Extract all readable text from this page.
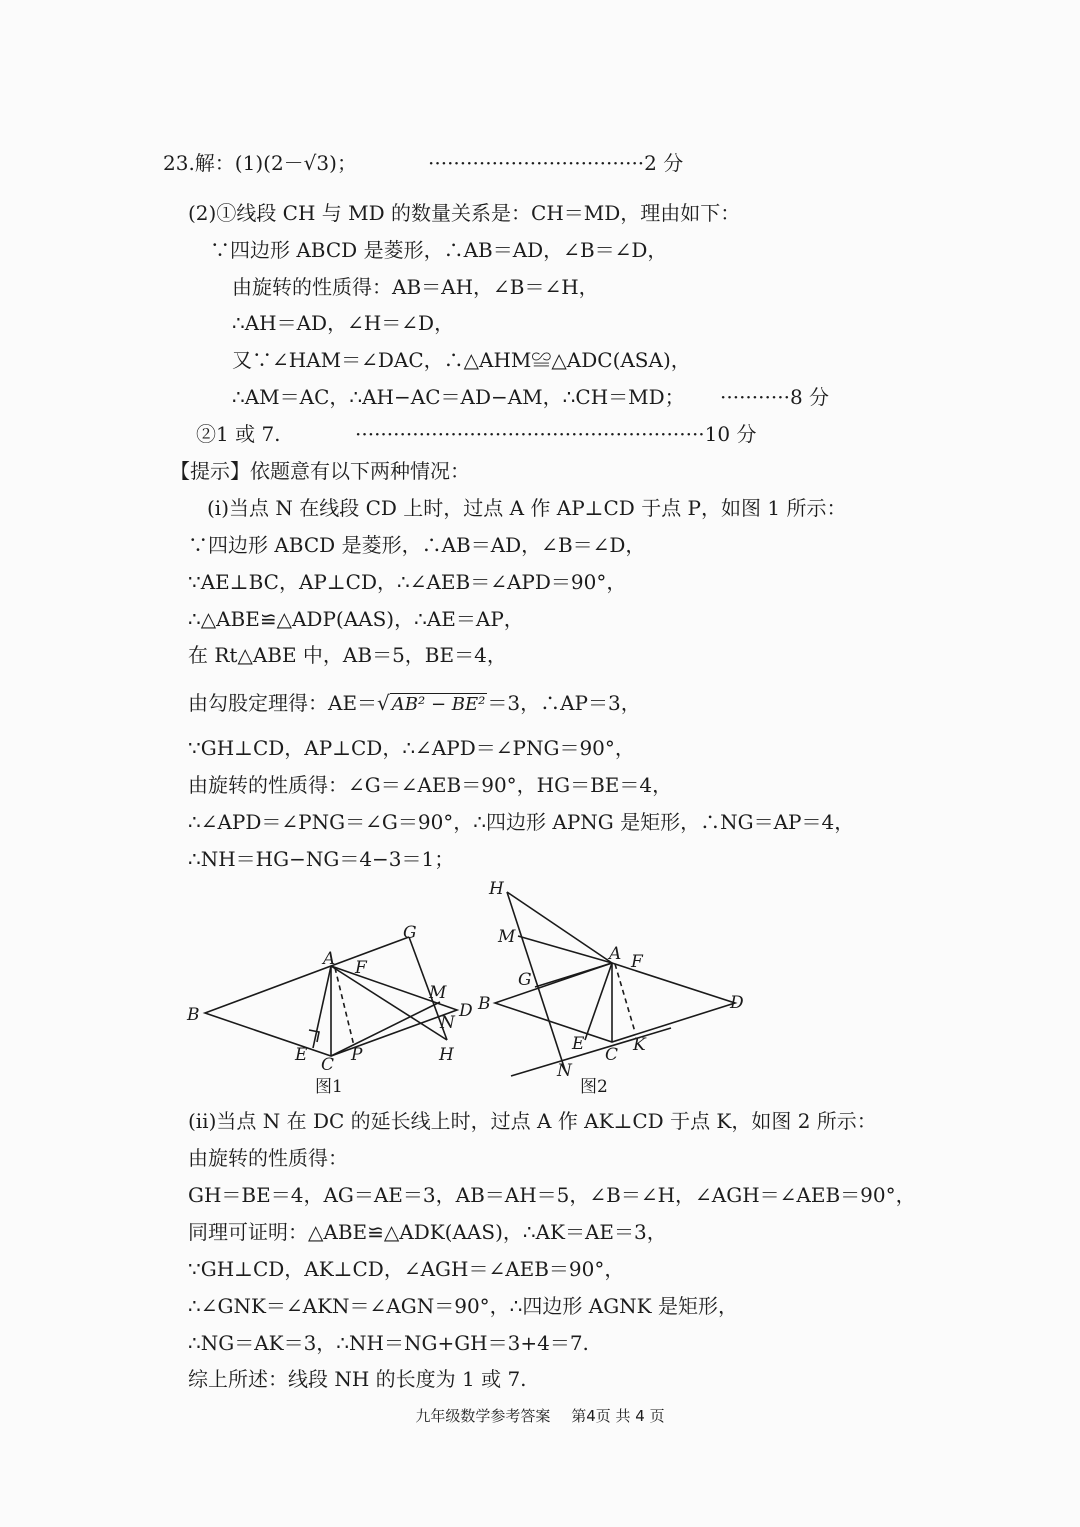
23.解：(1)(2－√3)；	··································2 分
(2)①线段 CH 与 MD 的数量关系是：CH＝MD，理由如下：
∵四边形 ABCD 是菱形，∴AB＝AD，∠B＝∠D，
由旋转的性质得：AB＝AH，∠B＝∠H，
∴AH＝AD，∠H＝∠D，
又∵∠HAM＝∠DAC，∴△AHM≌△ADC(ASA)，
∴AM＝AC，∴AH−AC＝AD−AM，∴CH＝MD； ···········8 分
②1 或 7.	·······················································10 分
【提示】依题意有以下两种情况：
(ⅰ)当点 N 在线段 CD 上时，过点 A 作 AP⊥CD 于点 P，如图 1 所示：
∵四边形 ABCD 是菱形，∴AB＝AD，∠B＝∠D，
∵AE⊥BC，AP⊥CD，∴∠AEB＝∠APD＝90°，
∴△ABE≌△ADP(AAS)，∴AE＝AP，
在 Rt△ABE 中，AB＝5，BE＝4，
由勾股定理得：AE＝√ AB² − BE² ＝3，∴AP＝3，
∵GH⊥CD，AP⊥CD，∴∠APD＝∠PNG＝90°，
由旋转的性质得：∠G＝∠AEB＝90°，HG＝BE＝4，
∴∠APD＝∠PNG＝∠G＝90°，∴四边形 APNG 是矩形，∴NG＝AP＝4，
∴NH＝HG−NG＝4−3＝1；
B
A F
G
M
D
N
H
E C P
图1
H
M
G
B
A F
D
E
C K
N
图2
(ⅱ)当点 N 在 DC 的延长线上时，过点 A 作 AK⊥CD 于点 K，如图 2 所示：
由旋转的性质得：
GH＝BE＝4，AG＝AE＝3，AB＝AH＝5，∠B＝∠H，∠AGH＝∠AEB＝90°，
同理可证明：△ABE≌△ADK(AAS)，∴AK＝AE＝3，
∵GH⊥CD，AK⊥CD，∠AGH＝∠AEB＝90°，
∴∠GNK＝∠AKN＝∠AGN＝90°，∴四边形 AGNK 是矩形，
∴NG＝AK＝3，∴NH＝NG+GH＝3+4＝7.
综上所述：线段 NH 的长度为 1 或 7.
九年级数学参考答案 第4页 共 4 页
